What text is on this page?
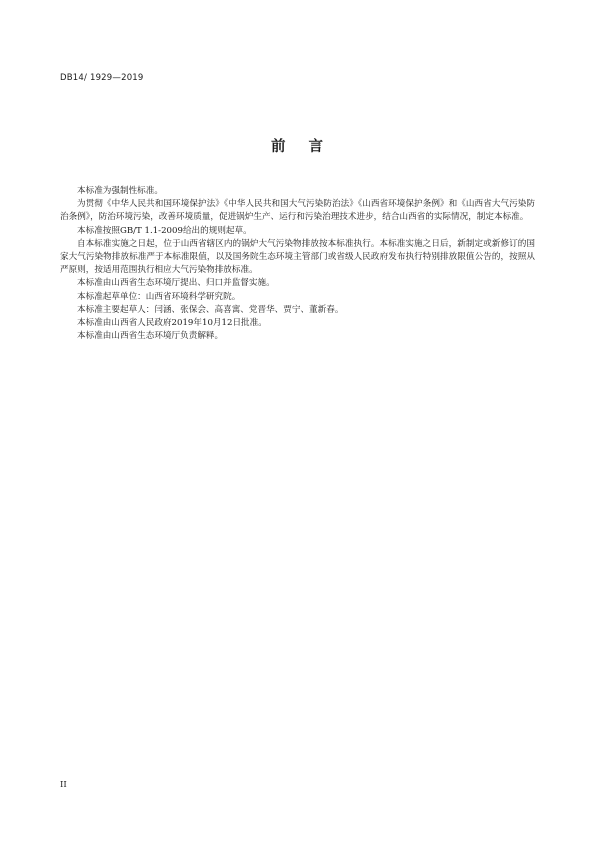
DB14/ 1929—2019
前 言

本标准为强制性标准。

为贯彻《中华人民共和国环境保护法》《中华人民共和国大气污染防治法》《山西省环境保护条例》和《山西省大气污染防治条例》，防治环境污染，改善环境质量，促进锅炉生产、运行和污染治理技术进步，结合山西省的实际情况，制定本标准。

本标准按照GB/T 1.1-2009给出的规则起草。

自本标准实施之日起，位于山西省辖区内的锅炉大气污染物排放按本标准执行。本标准实施之日后，新制定或新修订的国家大气污染物排放标准严于本标准限值，以及国务院生态环境主管部门或省级人民政府发布执行特别排放限值公告的，按照从严原则，按适用范围执行相应大气污染物排放标准。

本标准由山西省生态环境厅提出、归口并监督实施。

本标准起草单位：山西省环境科学研究院。

本标准主要起草人：闫涵、张保会、高喜寓、党晋华、贾宁、董新春。

本标准由山西省人民政府2019年10月12日批准。

本标准由山西省生态环境厅负责解释。

II
